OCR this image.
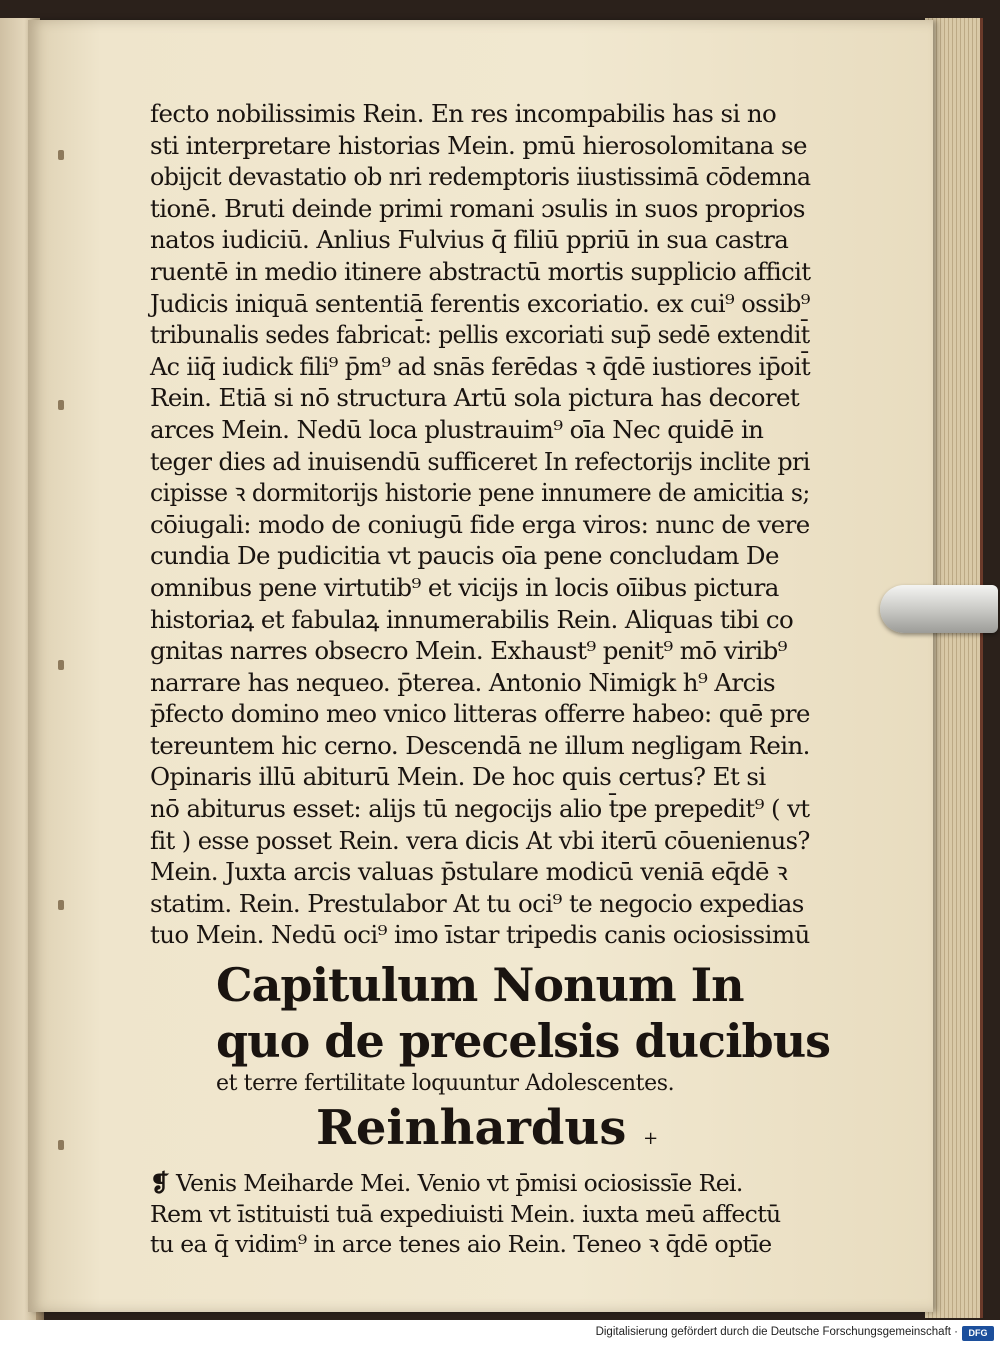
fecto nobilissimis Rein. En res incompabilis has si no
sti interpretare historias Mein. pmū hierosolomitana se
obijcit devastatio ob nri redemptoris iiustissimā cōdemna
tionē. Bruti deinde primi romani ɔsulis in suos proprios
natos iudiciū. Anlius Fulvius q̄ filiū ppriū in sua castra
ruentē in medio itinere abstractū mortis supplicio afficit
Judicis iniquā sententiā ferentis excoriatio. ex cui⁹ ossib⁹
tribunalis sedes fabricat̄: pellis excoriati sup̄ sedē extendit̄
Ac iiq̄ iudick fili⁹ p̄m⁹ ad snās ferēdas ꝛ q̄dē iustiores ip̄oit̄
Rein. Etiā si nō structura Artū sola pictura has decoret
arces Mein. Nedū loca plustrauim⁹ oīa Nec quidē in
teger dies ad inuisendū sufficeret In refectorijs inclite pri
cipisse ꝛ dormitorijs historie pene innumere de amicitia s;
cōiugali: modo de coniugū fide erga viros: nunc de vere
cundia De pudicitia vt paucis oīa pene concludam De
omnibus pene virtutib⁹ et vicijs in locis oīibus pictura
historiaꝝ et fabulaꝝ innumerabilis Rein. Aliquas tibi co
gnitas narres obsecro Mein. Exhaust⁹ penit⁹ mō virib⁹
narrare has nequeo. p̄terea. Antonio Nimigk h⁹ Arcis
p̄fecto domino meo vnico litteras offerre habeo: quē pre
tereuntem hic cerno. Descendā ne illum negligam Rein.
Opinaris illū abiturū Mein. De hoc quis certus? Et si
nō abiturus esset: alijs tū negocijs alio t̄pe prepedit⁹ ( vt
fit ) esse posset Rein. vera dicis At vbi iterū cōuenienus?
Mein. Juxta arcis valuas p̄stulare modicū veniā eq̄dē ꝛ
statim. Rein. Prestulabor At tu oci⁹ te negocio expedias
tuo Mein. Nedū oci⁹ imo īstar tripedis canis ociosissimū
Capitulum Nonum In
quo de precelsis ducibus
et terre fertilitate loquuntur Adolescentes.
Reinhardus +
❡ Venis Meiharde Mei. Venio vt p̄misi ociosissīe Rei.
Rem vt īstituisti tuā expediuisti Mein. iuxta meū affectū
tu ea q̄ vidim⁹ in arce tenes aio Rein. Teneo ꝛ q̄dē optīe
Digitalisierung gefördert durch die Deutsche Forschungsgemeinschaft ·	DFG
